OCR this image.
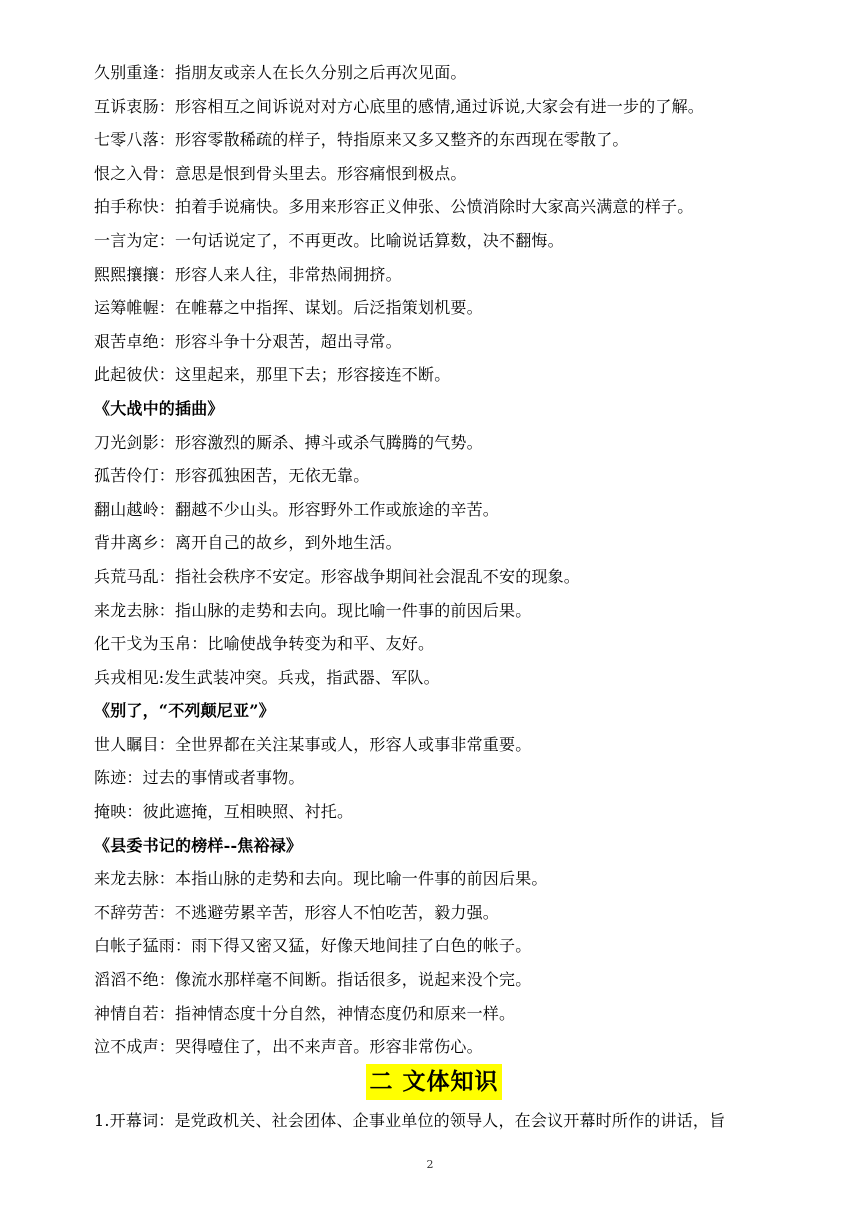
久别重逢：指朋友或亲人在长久分别之后再次见面。
互诉衷肠：形容相互之间诉说对对方心底里的感情,通过诉说,大家会有进一步的了解。
七零八落：形容零散稀疏的样子，特指原来又多又整齐的东西现在零散了。
恨之入骨：意思是恨到骨头里去。形容痛恨到极点。
拍手称快：拍着手说痛快。多用来形容正义伸张、公愤消除时大家高兴满意的样子。
一言为定：一句话说定了，不再更改。比喻说话算数，决不翻悔。
熙熙攘攘：形容人来人往，非常热闹拥挤。
运筹帷幄：在帷幕之中指挥、谋划。后泛指策划机要。
艰苦卓绝：形容斗争十分艰苦，超出寻常。
此起彼伏：这里起来，那里下去；形容接连不断。
《大战中的插曲》
刀光剑影：形容激烈的厮杀、搏斗或杀气腾腾的气势。
孤苦伶仃：形容孤独困苦，无依无靠。
翻山越岭：翻越不少山头。形容野外工作或旅途的辛苦。
背井离乡：离开自己的故乡，到外地生活。
兵荒马乱：指社会秩序不安定。形容战争期间社会混乱不安的现象。
来龙去脉：指山脉的走势和去向。现比喻一件事的前因后果。
化干戈为玉帛：比喻使战争转变为和平、友好。
兵戎相见:发生武装冲突。兵戎，指武器、军队。
《别了，“不列颠尼亚”》
世人瞩目：全世界都在关注某事或人，形容人或事非常重要。
陈迹：过去的事情或者事物。
掩映：彼此遮掩，互相映照、衬托。
《县委书记的榜样--焦裕禄》
来龙去脉：本指山脉的走势和去向。现比喻一件事的前因后果。
不辞劳苦：不逃避劳累辛苦，形容人不怕吃苦，毅力强。
白帐子猛雨：雨下得又密又猛，好像天地间挂了白色的帐子。
滔滔不绝：像流水那样毫不间断。指话很多，说起来没个完。
神情自若：指神情态度十分自然，神情态度仍和原来一样。
泣不成声：哭得噎住了，出不来声音。形容非常伤心。
二 文体知识
1.开幕词：是党政机关、社会团体、企事业单位的领导人，在会议开幕时所作的讲话，旨
2
